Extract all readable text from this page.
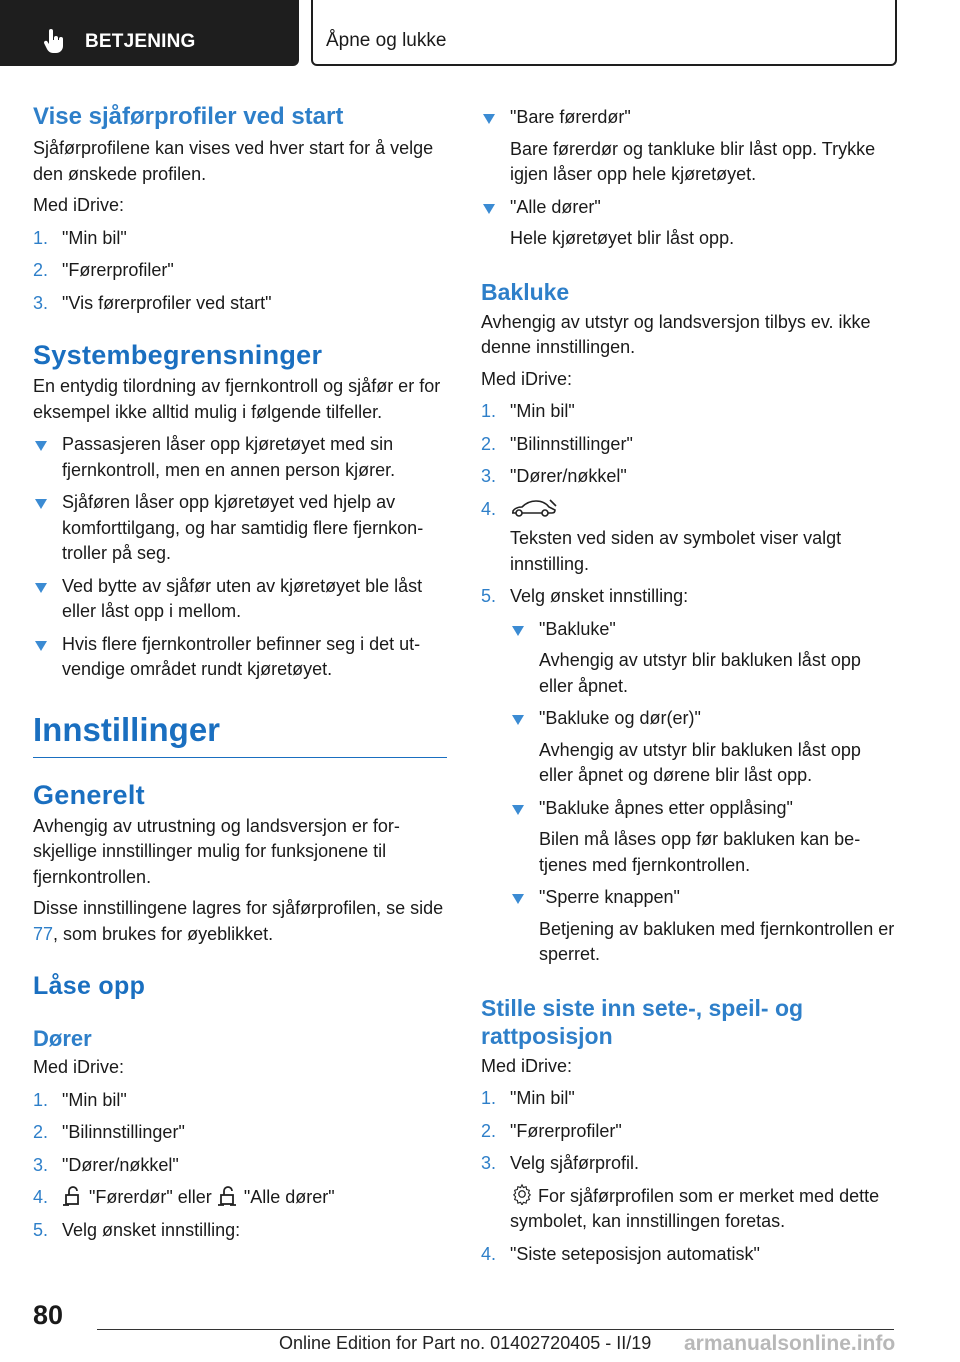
BETJENING	Åpne og lukke
Vise sjåførprofiler ved start

Sjåførprofilene kan vises ved hver start for å velge den ønskede profilen.

Med iDrive:

1. "Min bil"
2. "Førerprofiler"
3. "Vis førerprofiler ved start"
Systembegrensninger

En entydig tilordning av fjernkontroll og sjåfør er for eksempel ikke alltid mulig i følgende tilfeller.

Passasjeren låser opp kjøretøyet med sin fjernkontroll, men en annen person kjører.
Sjåføren låser opp kjøretøyet ved hjelp av komforttilgang, og har samtidig flere fjernkontroller på seg.
Ved bytte av sjåfør uten av kjøretøyet ble låst eller låst opp i mellom.
Hvis flere fjernkontroller befinner seg i det utvendige området rundt kjøretøyet.
Innstillinger
Generelt

Avhengig av utrustning og landsversjon er forskjellige innstillinger mulig for funksjonene til fjernkontrollen.

Disse innstillingene lagres for sjåførprofilen, se side 77, som brukes for øyeblikket.

Låse opp
Dører

Med iDrive:

1. "Min bil"
2. "Bilinnstillinger"
3. "Dører/nøkkel"
4. "Førerdør" eller "Alle dører"
5. Velg ønsket innstilling:
"Bare førerdør"
Bare førerdør og tankluke blir låst opp. Trykke igjen låser opp hele kjøretøyet.
"Alle dører"
Hele kjøretøyet blir låst opp.
Bakluke

Avhengig av utstyr og landsversjon tilbys ev. ikke denne innstillingen.

Med iDrive:

1. "Min bil"
2. "Bilinnstillinger"
3. "Dører/nøkkel"
4.
Teksten ved siden av symbolet viser valgt innstilling.
5. Velg ønsket innstilling:
"Bakluke"
Avhengig av utstyr blir bakluken låst opp eller åpnet.
"Bakluke og dør(er)"
Avhengig av utstyr blir bakluken låst opp eller åpnet og dørene blir låst opp.
"Bakluke åpnes etter opplåsing"
Bilen må låses opp før bakluken kan betjenes med fjernkontrollen.
"Sperre knappen"
Betjening av bakluken med fjernkontrollen er sperret.
Stille siste inn sete-, speil- og rattposisjon

Med iDrive:

1. "Min bil"
2. "Førerprofiler"
3. Velg sjåførprofil.
For sjåførprofilen som er merket med dette symbolet, kan innstillingen foretas.
4. "Siste seteposisjon automatisk"
80
Online Edition for Part no. 01402720405 - II/19 armanualsonline.info
